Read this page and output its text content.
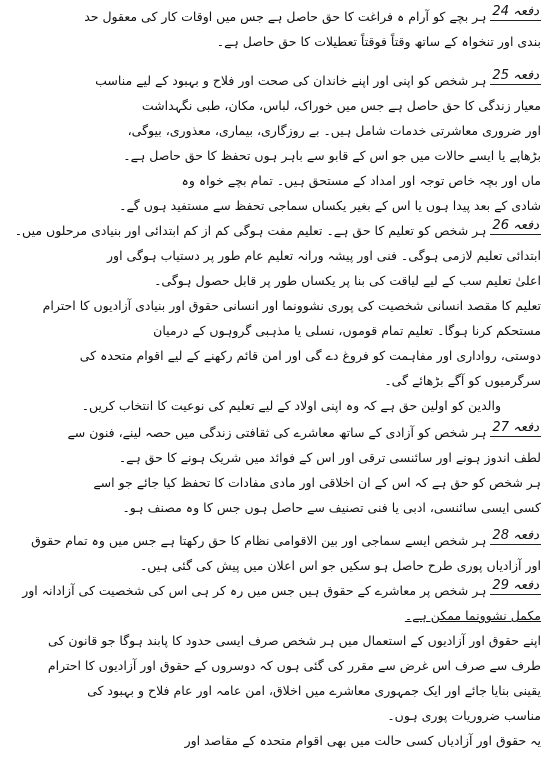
دفعہ 24
ہر بچے کو آرام ہ فراغت کا حق حاصل ہے جس میں اوقات کار کی معقول حد
بندی اور تنخواہ کے ساتھ وقتاً فوقتاً تعطیلات کا حق حاصل ہے۔
دفعہ 25
ہر شخص کو اپنی اور اپنے خاندان کی صحت اور فلاح و بہبود کے لیے مناسب
معیار زندگی کا حق حاصل ہے جس میں خوراک، لباس، مکان، طبی نگہداشت
اور ضروری معاشرتی خدمات شامل ہیں۔ بے روزگاری، بیماری، معذوری، بیوگی،
بڑھاپے یا ایسے حالات میں جو اس کے قابو سے باہر ہوں تحفظ کا حق حاصل ہے۔
ماں اور بچہ خاص توجہ اور امداد کے مستحق ہیں۔ تمام بچے خواہ وہ
شادی کے بعد پیدا ہوں یا اس کے بغیر یکساں سماجی تحفظ سے مستفید ہوں گے۔
دفعہ 26
ہر شخص کو تعلیم کا حق ہے۔ تعلیم مفت ہوگی کم از کم ابتدائی اور بنیادی مرحلوں میں۔
ابتدائی تعلیم لازمی ہوگی۔ فنی اور پیشہ ورانہ تعلیم عام طور پر دستیاب ہوگی اور
اعلیٰ تعلیم سب کے لیے لیاقت کی بنا پر یکساں طور پر قابل حصول ہوگی۔
تعلیم کا مقصد انسانی شخصیت کی پوری نشوونما اور انسانی حقوق اور بنیادی آزادیوں کا احترام
مستحکم کرنا ہوگا۔ تعلیم تمام قوموں، نسلی یا مذہبی گروہوں کے درمیان
دوستی، رواداری اور مفاہمت کو فروغ دے گی اور امن قائم رکھنے کے لیے اقوام متحدہ کی
سرگرمیوں کو آگے بڑھائے گی۔
والدین کو اولین حق ہے کہ وہ اپنی اولاد کے لیے تعلیم کی نوعیت کا انتخاب کریں۔
دفعہ 27
ہر شخص کو آزادی کے ساتھ معاشرے کی ثقافتی زندگی میں حصہ لینے، فنون سے
لطف اندوز ہونے اور سائنسی ترقی اور اس کے فوائد میں شریک ہونے کا حق ہے۔
ہر شخص کو حق ہے کہ اس کے ان اخلاقی اور مادی مفادات کا تحفظ کیا جائے جو اسے
کسی ایسی سائنسی، ادبی یا فنی تصنیف سے حاصل ہوں جس کا وہ مصنف ہو۔
دفعہ 28
ہر شخص ایسے سماجی اور بین الاقوامی نظام کا حق رکھتا ہے جس میں وہ تمام حقوق
اور آزادیاں پوری طرح حاصل ہو سکیں جو اس اعلان میں پیش کی گئی ہیں۔
دفعہ 29
ہر شخص پر معاشرے کے حقوق ہیں جس میں رہ کر ہی اس کی شخصیت کی آزادانہ اور
مکمل نشوونما ممکن ہے۔
اپنے حقوق اور آزادیوں کے استعمال میں ہر شخص صرف ایسی حدود کا پابند ہوگا جو قانون کی
طرف سے صرف اس غرض سے مقرر کی گئی ہوں کہ دوسروں کے حقوق اور آزادیوں کا احترام
یقینی بنایا جائے اور ایک جمہوری معاشرے میں اخلاق، امن عامہ اور عام فلاح و بہبود کی
مناسب ضروریات پوری ہوں۔
یہ حقوق اور آزادیاں کسی حالت میں بھی اقوام متحدہ کے مقاصد اور
